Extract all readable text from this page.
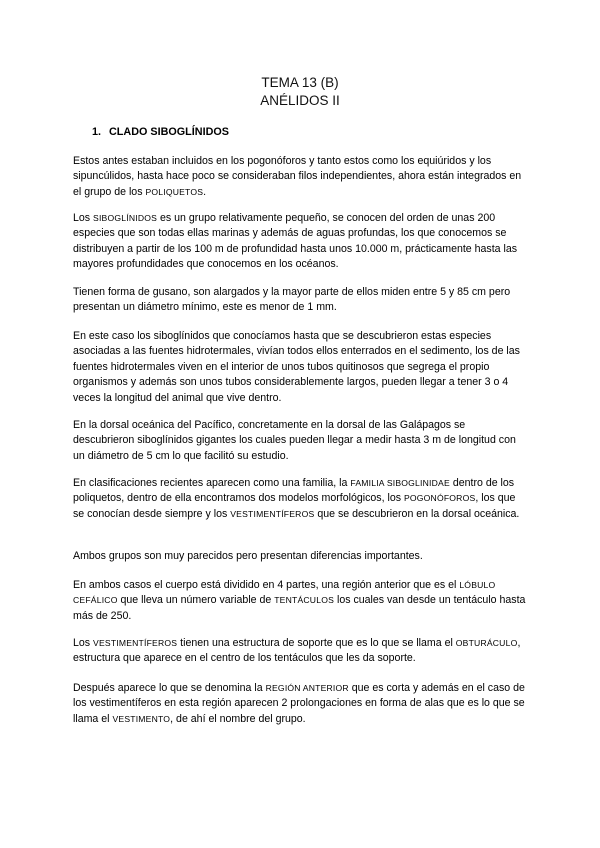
TEMA 13 (B)
ANÉLIDOS II
1. CLADO SIBOGLÍNIDOS

Estos antes estaban incluidos en los pogonóforos y tanto estos como los equiúridos y los sipuncúlidos, hasta hace poco se consideraban filos independientes, ahora están integrados en el grupo de los POLIQUETOS.

Los SIBOGLÍNIDOS es un grupo relativamente pequeño, se conocen del orden de unas 200 especies que son todas ellas marinas y además de aguas profundas, los que conocemos se distribuyen a partir de los 100 m de profundidad hasta unos 10.000 m, prácticamente hasta las mayores profundidades que conocemos en los océanos.

Tienen forma de gusano, son alargados y la mayor parte de ellos miden entre 5 y 85 cm pero presentan un diámetro mínimo, este es menor de 1 mm.

En este caso los siboglínidos que conocíamos hasta que se descubrieron estas especies asociadas a las fuentes hidrotermales, vivían todos ellos enterrados en el sedimento, los de las fuentes hidrotermales viven en el interior de unos tubos quitinosos que segrega el propio organismos y además son unos tubos considerablemente largos, pueden llegar a tener 3 o 4 veces la longitud del animal que vive dentro.

En la dorsal oceánica del Pacífico, concretamente en la dorsal de las Galápagos se descubrieron siboglínidos gigantes los cuales pueden llegar a medir hasta 3 m de longitud con un diámetro de 5 cm lo que facilitó su estudio.

En clasificaciones recientes aparecen como una familia, la FAMILIA SIBOGLINIDAE dentro de los poliquetos, dentro de ella encontramos dos modelos morfológicos, los POGONÓFOROS, los que se conocían desde siempre y los VESTIMENTÍFEROS que se descubrieron en la dorsal oceánica.

Ambos grupos son muy parecidos pero presentan diferencias importantes.

En ambos casos el cuerpo está dividido en 4 partes, una región anterior que es el LÓBULO CEFÁLICO que lleva un número variable de TENTÁCULOS los cuales van desde un tentáculo hasta más de 250.

Los VESTIMENTÍFEROS tienen una estructura de soporte que es lo que se llama el OBTURÁCULO, estructura que aparece en el centro de los tentáculos que les da soporte.

Después aparece lo que se denomina la REGIÓN ANTERIOR que es corta y además en el caso de los vestimentíferos en esta región aparecen 2 prolongaciones en forma de alas que es lo que se llama el VESTIMENTO, de ahí el nombre del grupo.
